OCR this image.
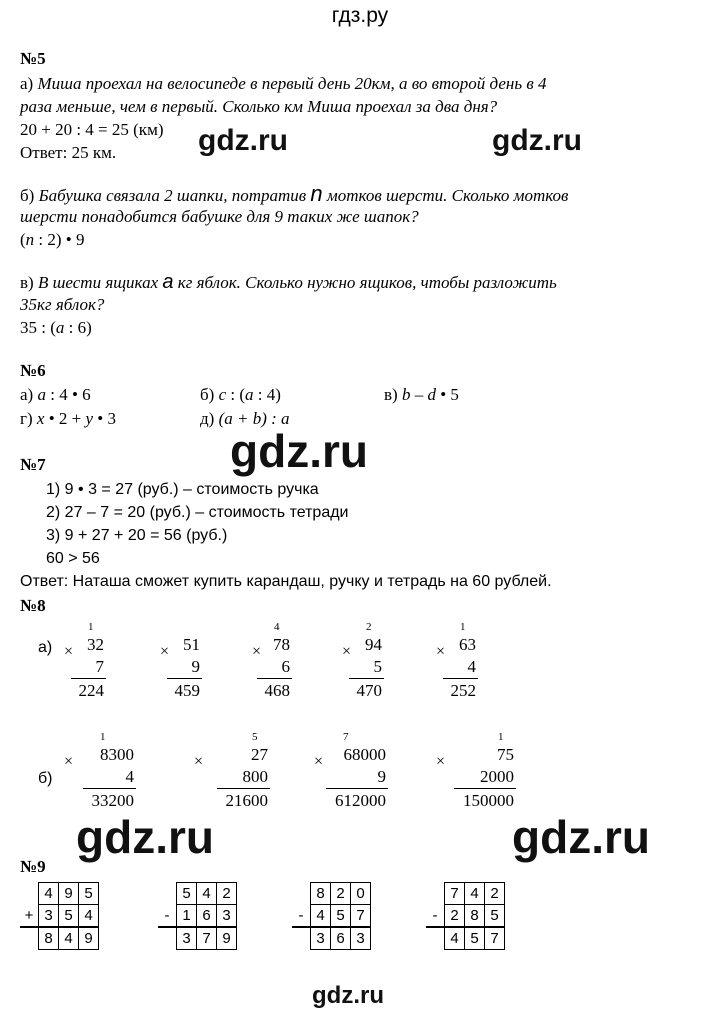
гдз.ру
gdz.ru	gdz.ru
gdz.ru
gdz.ru	gdz.ru
gdz.ru
№5
а) Миша проехал на велосипеде в первый день 20км, а во второй день в 4
раза меньше, чем в первый. Сколько км Миша проехал за два дня?
20 + 20 : 4 = 25 (км)
Ответ: 25 км.
б) Бабушка связала 2 шапки, потратив n мотков шерсти. Сколько мотков
шерсти понадобится бабушке для 9 таких же шапок?
(n : 2) • 9
в) В шести ящиках a кг яблок. Сколько нужно ящиков, чтобы разложить
35кг яблок?
35 : (a : 6)
№6
а) a : 4 • 6	б) c : (a : 4)	в) b – d • 5
г) x • 2 + y • 3	д) (a + b) : a
№7
1) 9 • 3 = 27 (руб.) – стоимость ручка
2) 27 – 7 = 20 (руб.) – стоимость тетради
3) 9 + 27 + 20 = 56 (руб.)
60 > 56
Ответ: Наташа сможет купить карандаш, ручку и тетрадь на 60 рублей.
№8
а)
б)
1
× 32
7
224
× 51
9
459
4
× 78
6
468
2
× 94
5
470
1
× 63
4
252
1
×	8300
4
33200
5
×	27
800
21600
7
×	68000
9
612000
1
×	75
2000
150000
№9
	4	9	5
+	3	5	4
	8	4	9
	5	4	2
-	1	6	3
	3	7	9
	8	2	0
-	4	5	7
	3	6	3
	7	4	2
-	2	8	5
	4	5	7
